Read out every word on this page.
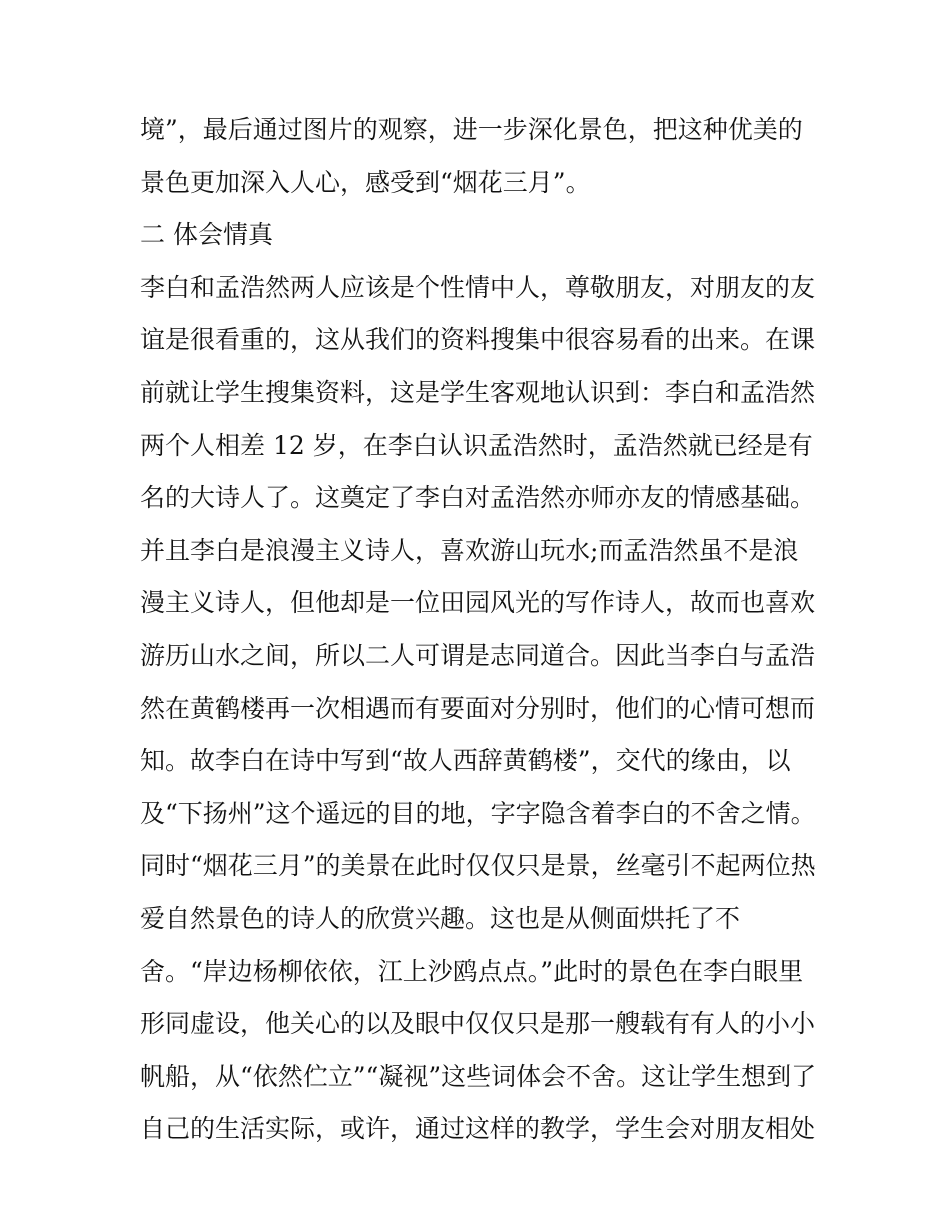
境”，最后通过图片的观察，进一步深化景色，把这种优美的
景色更加深入人心，感受到“烟花三月”。
二 体会情真
李白和孟浩然两人应该是个性情中人，尊敬朋友，对朋友的友
谊是很看重的，这从我们的资料搜集中很容易看的出来。在课
前就让学生搜集资料，这是学生客观地认识到：李白和孟浩然
两个人相差 12 岁，在李白认识孟浩然时，孟浩然就已经是有
名的大诗人了。这奠定了李白对孟浩然亦师亦友的情感基础。
并且李白是浪漫主义诗人，喜欢游山玩水;而孟浩然虽不是浪
漫主义诗人，但他却是一位田园风光的写作诗人，故而也喜欢
游历山水之间，所以二人可谓是志同道合。因此当李白与孟浩
然在黄鹤楼再一次相遇而有要面对分别时，他们的心情可想而
知。故李白在诗中写到“故人西辞黄鹤楼”，交代的缘由，以
及“下扬州”这个遥远的目的地，字字隐含着李白的不舍之情。
同时“烟花三月”的美景在此时仅仅只是景，丝毫引不起两位热
爱自然景色的诗人的欣赏兴趣。这也是从侧面烘托了不
舍。“岸边杨柳依依，江上沙鸥点点。”此时的景色在李白眼里
形同虚设，他关心的以及眼中仅仅只是那一艘载有有人的小小
帆船，从“依然伫立”“凝视”这些词体会不舍。这让学生想到了
自己的生活实际，或许，通过这样的教学，学生会对朋友相处
